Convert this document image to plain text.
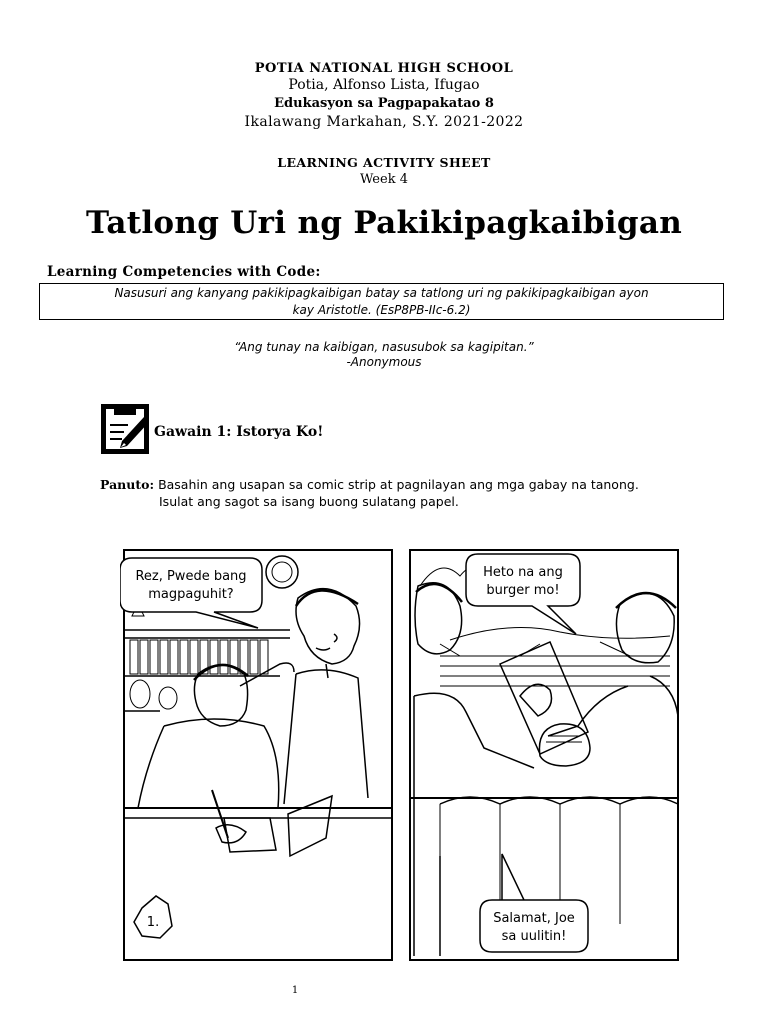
POTIA NATIONAL HIGH SCHOOL
Potia, Alfonso Lista, Ifugao
Edukasyon sa Pagpapakatao 8
Ikalawang Markahan, S.Y. 2021-2022
LEARNING ACTIVITY SHEET
Week 4
Tatlong Uri ng Pakikipagkaibigan
Learning Competencies with Code:
Nasusuri ang kanyang pakikipagkaibigan batay sa tatlong uri ng pakikipagkaibigan ayon
kay Aristotle. (EsP8PB-IIc-6.2)
“Ang tunay na kaibigan, nasusubok sa kagipitan.”
-Anonymous
Gawain 1: Istorya Ko!
Panuto: Basahin ang usapan sa comic strip at pagnilayan ang mga gabay na tanong.
Isulat ang sagot sa isang buong sulatang papel.
Rez, Pwede bang
magpaguhit?
1.
Heto na ang
burger mo!
Salamat, Joe
sa uulitin!
1
